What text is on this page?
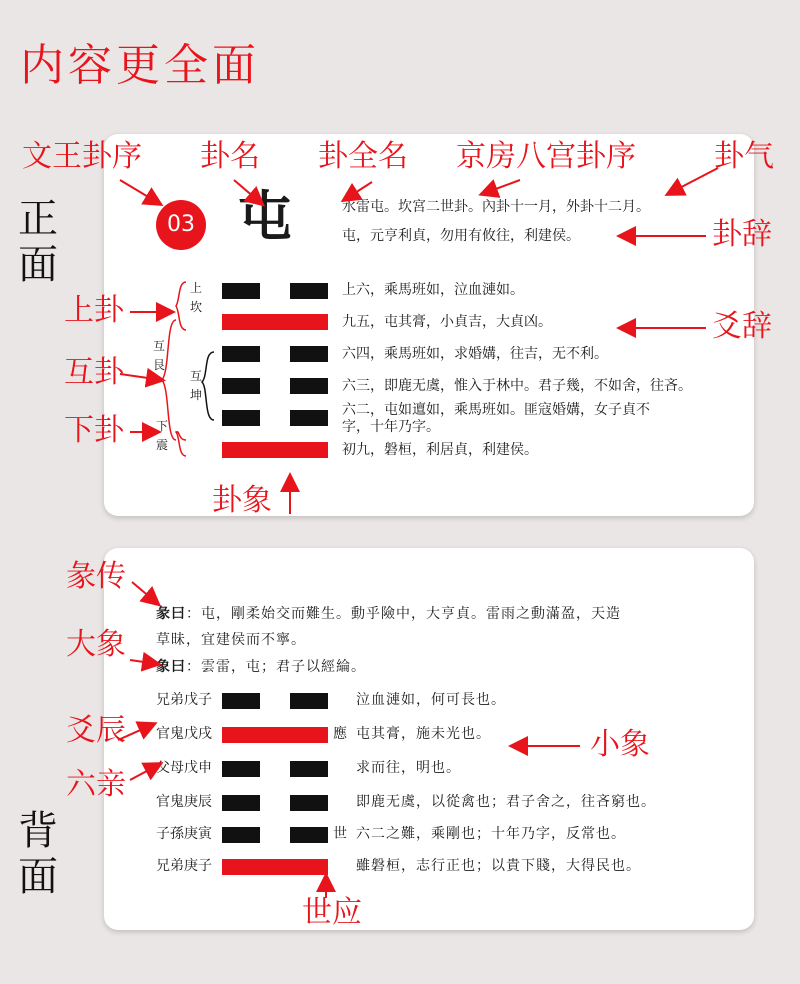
内容更全面
正面
背面
03 屯	水雷屯。坎宮二世卦。內卦十一月，外卦十二月。
屯，元亨利貞，勿用有攸往，利建侯。
上
坎
互
艮
互
坤
下
震
上六，乘馬班如，泣血漣如。
九五，屯其膏，小貞吉，大貞凶。
六四，乘馬班如，求婚媾，往吉，无不利。
六三，即鹿无虞，惟入于林中。君子幾，不如舍，往吝。
六二，屯如邅如，乘馬班如。匪寇婚媾，女子貞不
字，十年乃字。
初九，磐桓，利居貞，利建侯。
文王卦序 卦名 卦全名 京房八宫卦序	卦气
卦辞
爻辞
上卦
互卦
下卦
卦象
彖曰：屯，剛柔始交而難生。動乎險中，大亨貞。雷雨之動滿盈，天造
草昧，宜建侯而不寧。
象曰：雲雷，屯；君子以經綸。
兄弟戊子
官鬼戊戌
父母戊申
官鬼庚辰
子孫庚寅
兄弟庚子
應
世
泣血漣如，何可長也。
屯其膏，施未光也。
求而往，明也。
即鹿无虞，以從禽也；君子舍之，往吝窮也。
六二之難，乘剛也；十年乃字，反常也。
雖磐桓，志行正也；以貴下賤，大得民也。
彖传
大象
爻辰
六亲
小象
世应
